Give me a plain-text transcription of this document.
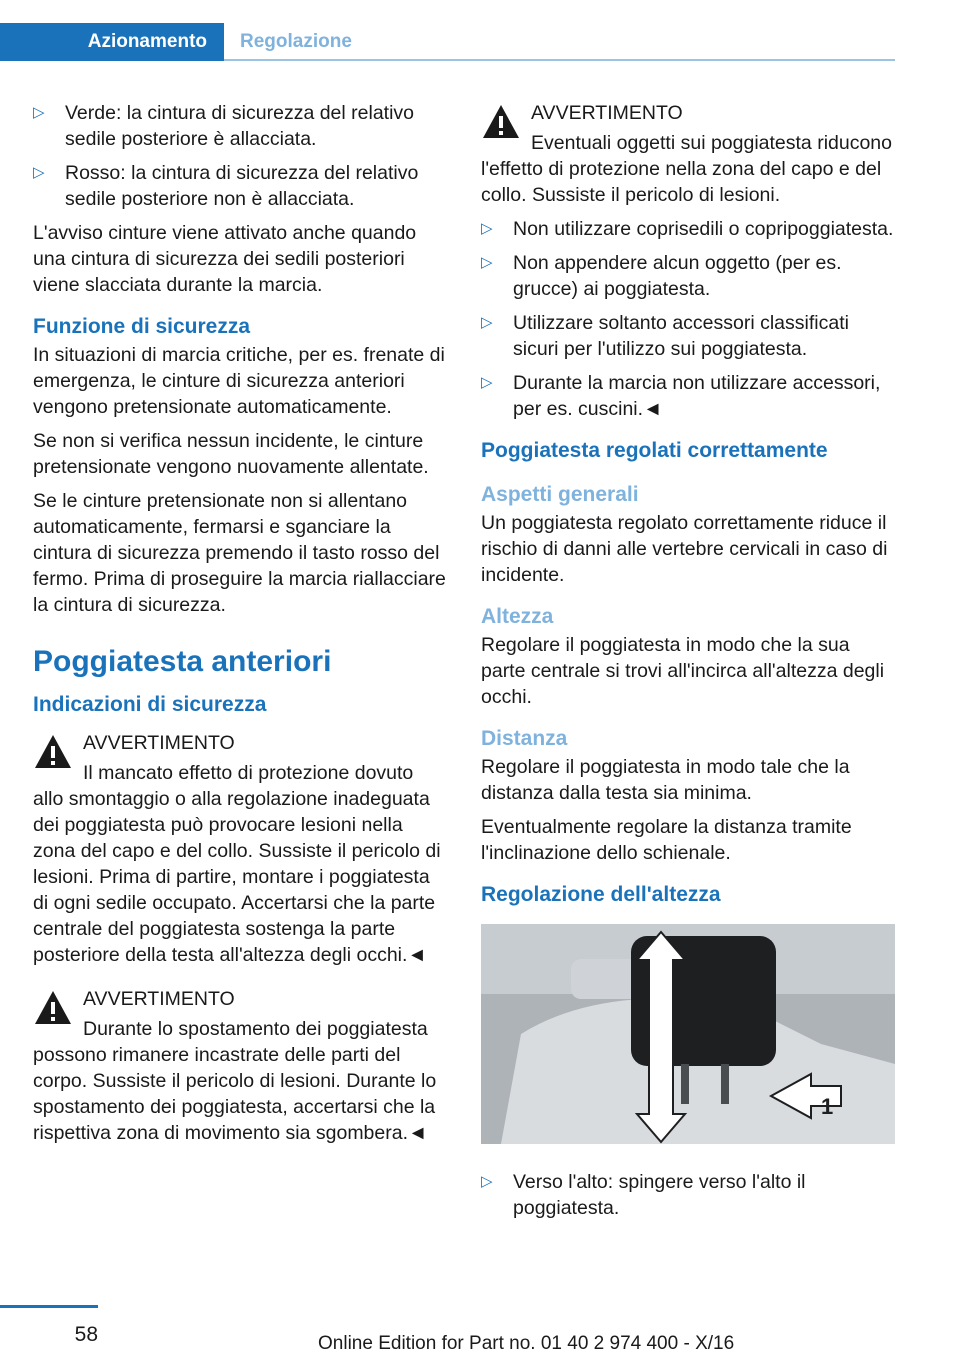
Azionamento	Regolazione
▷ Verde: la cintura di sicurezza del relativo sedile posteriore è allacciata.
▷ Rosso: la cintura di sicurezza del relativo sedile posteriore non è allacciata.

L'avviso cinture viene attivato anche quando una cintura di sicurezza dei sedili posteriori viene slacciata durante la marcia.

Funzione di sicurezza

In situazioni di marcia critiche, per es. frenate di emergenza, le cinture di sicurezza anteriori vengono pretensionate automaticamente.

Se non si verifica nessun incidente, le cinture pretensionate vengono nuovamente allentate.

Se le cinture pretensionate non si allentano automaticamente, fermarsi e sganciare la cintura di sicurezza premendo il tasto rosso del fermo. Prima di proseguire la marcia riallacciare la cintura di sicurezza.

Poggiatesta anteriori
Indicazioni di sicurezza
AVVERTIMENTO

Il mancato effetto di protezione dovuto allo smontaggio o alla regolazione inadeguata dei poggiatesta può provocare lesioni nella zona del capo e del collo. Sussiste il pericolo di lesioni. Prima di partire, montare i poggiatesta di ogni sedile occupato. Accertarsi che la parte centrale del poggiatesta sostenga la parte posteriore della testa all'altezza degli occhi.◄

AVVERTIMENTO

Durante lo spostamento dei poggiatesta possono rimanere incastrate delle parti del corpo. Sussiste il pericolo di lesioni. Durante lo spostamento dei poggiatesta, accertarsi che la rispettiva zona di movimento sia sgombera.◄

AVVERTIMENTO

Eventuali oggetti sui poggiatesta riducono l'effetto di protezione nella zona del capo e del collo. Sussiste il pericolo di lesioni.

▷ Non utilizzare coprisedili o copripoggiatesta.
▷ Non appendere alcun oggetto (per es. grucce) ai poggiatesta.
▷ Utilizzare soltanto accessori classificati sicuri per l'utilizzo sui poggiatesta.
▷ Durante la marcia non utilizzare accessori, per es. cuscini.◄
Poggiatesta regolati correttamente
Aspetti generali

Un poggiatesta regolato correttamente riduce il rischio di danni alle vertebre cervicali in caso di incidente.

Altezza

Regolare il poggiatesta in modo che la sua parte centrale si trovi all'incirca all'altezza degli occhi.

Distanza

Regolare il poggiatesta in modo tale che la distanza dalla testa sia minima.

Eventualmente regolare la distanza tramite l'inclinazione dello schienale.

Regolazione dell'altezza
1
▷ Verso l'alto: spingere verso l'alto il poggiatesta.
58	Online Edition for Part no. 01 40 2 974 400 - X/16
